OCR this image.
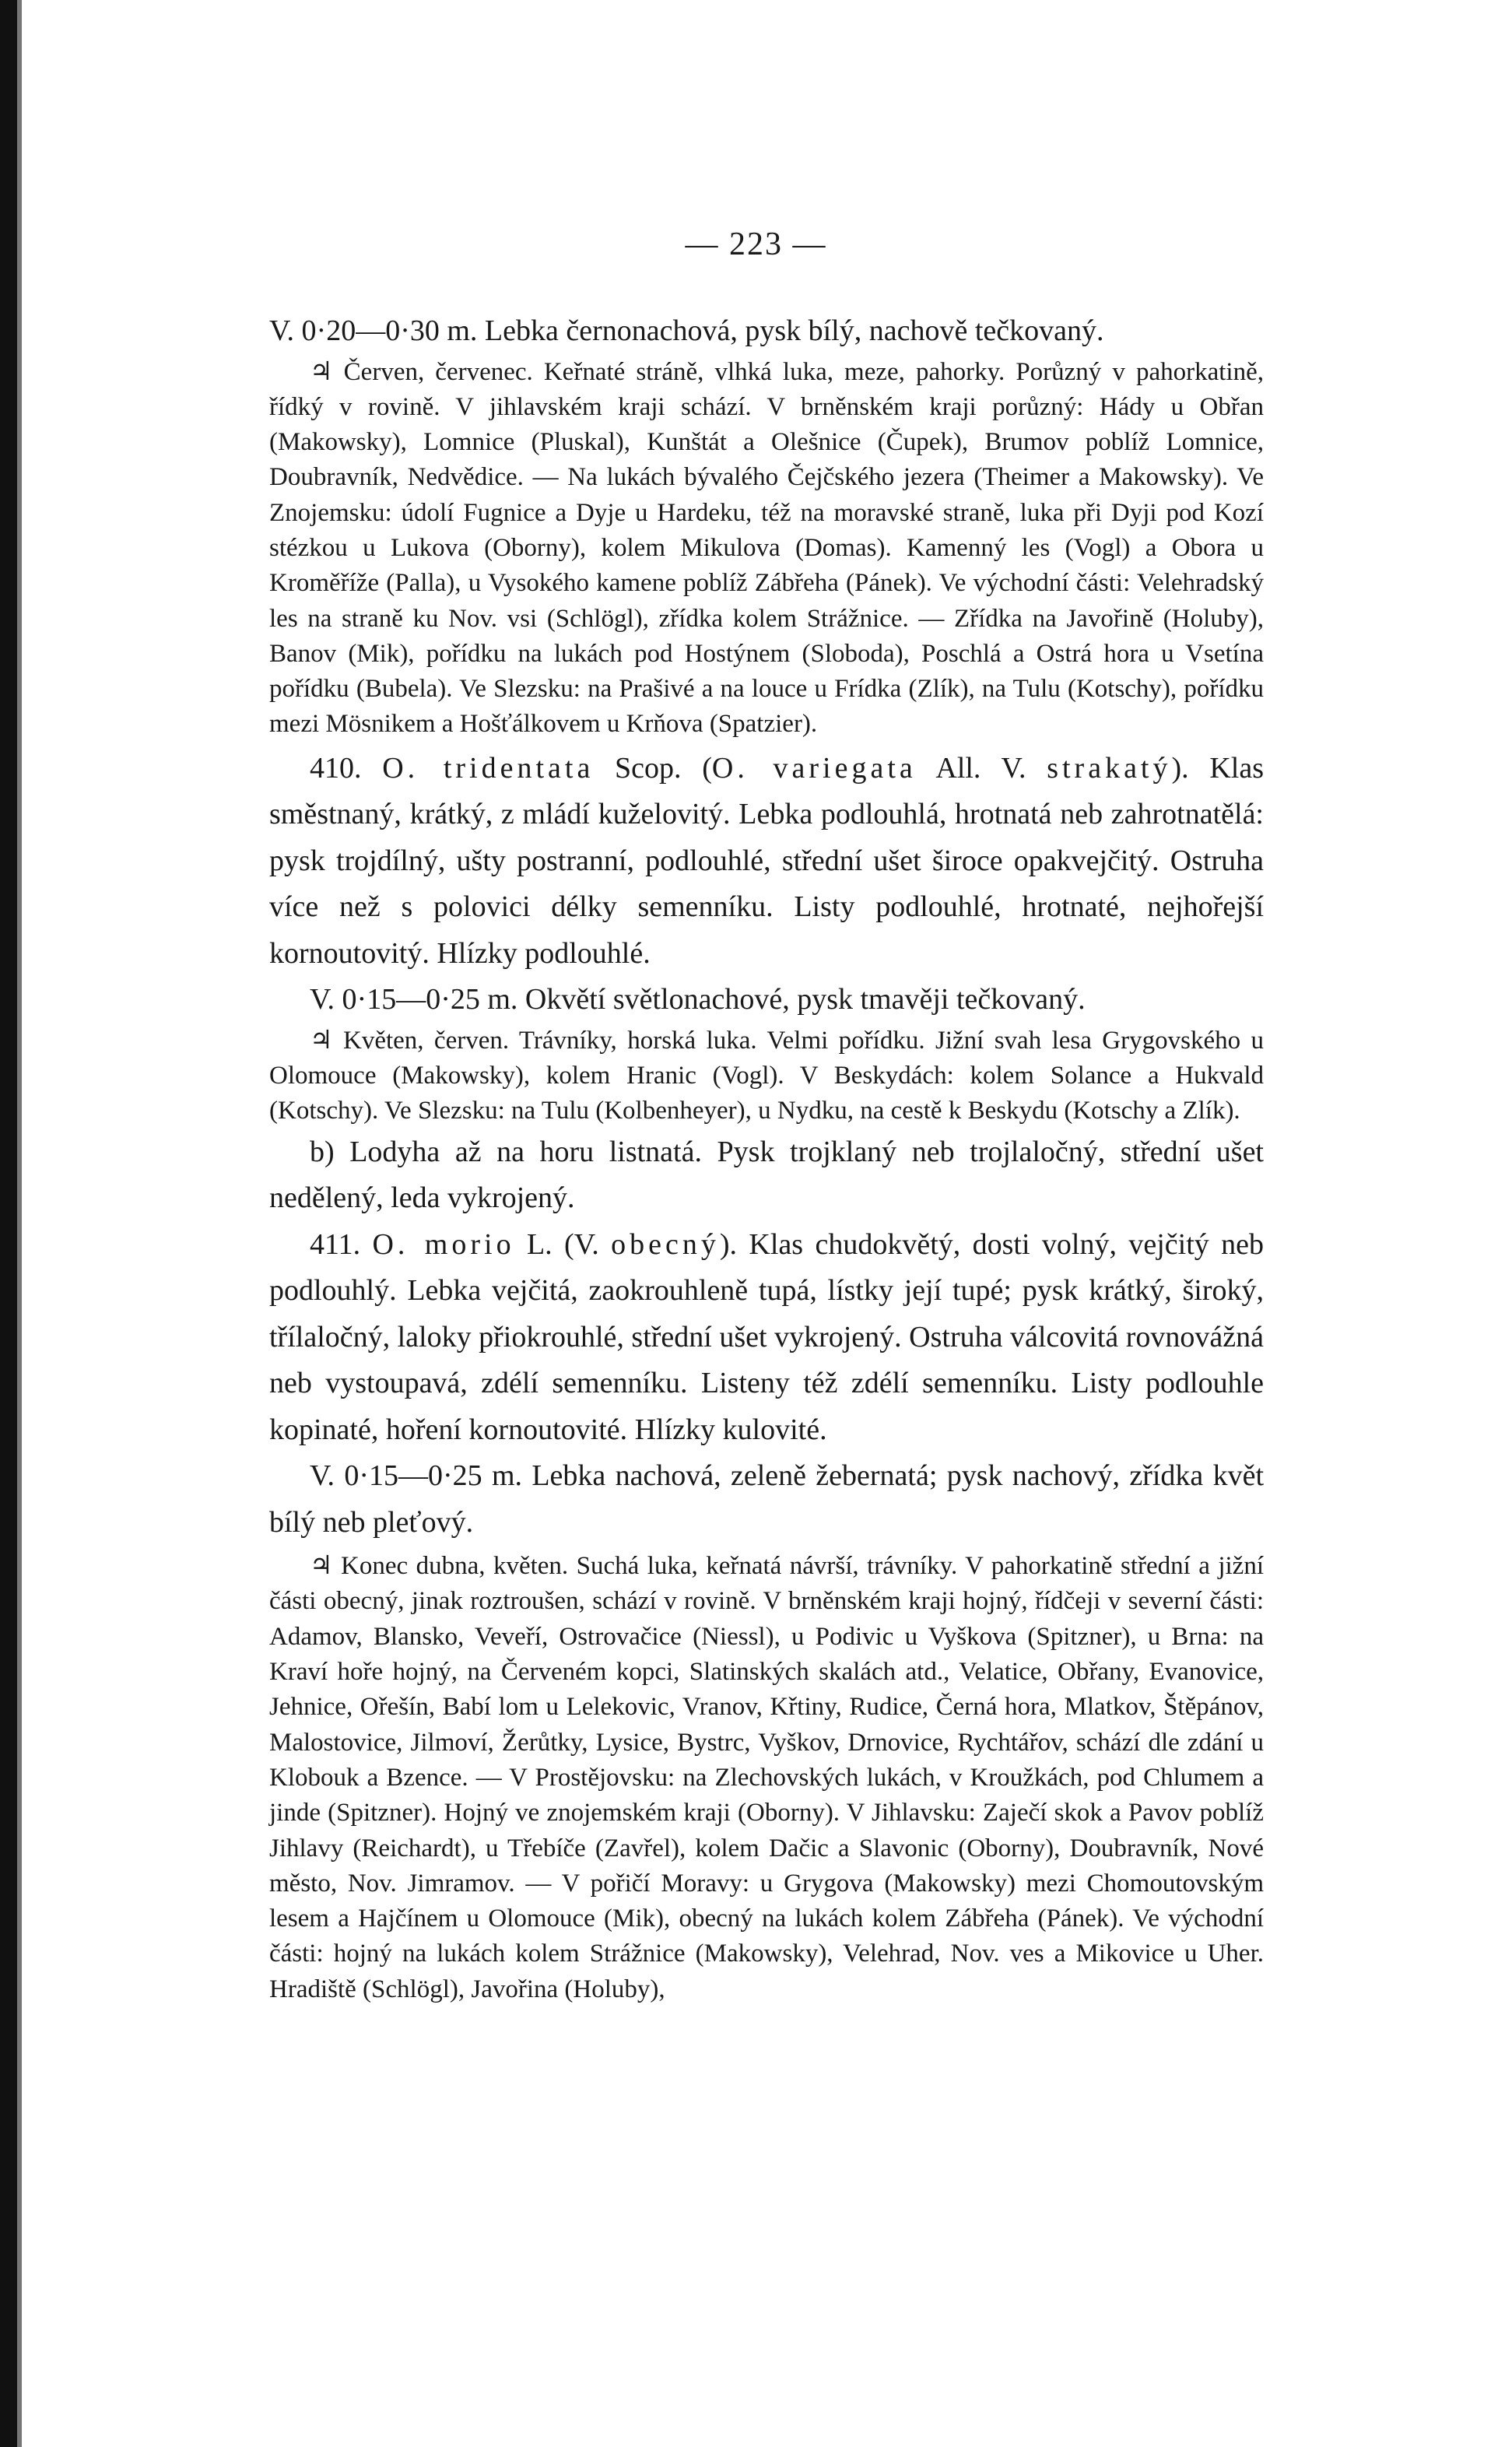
— 223 —

V. 0·20—0·30 m. Lebka černonachová, pysk bílý, nachově tečkovaný.

♃ Červen, červenec. Keřnaté stráně, vlhká luka, meze, pahorky. Porůzný v pahorkatině, řídký v rovině. V jihlavském kraji schází. V brněnském kraji porůzný: Hády u Obřan (Makowsky), Lomnice (Pluskal), Kunštát a Olešnice (Čupek), Brumov poblíž Lomnice, Doubravník, Nedvědice. — Na lukách bývalého Čejčského jezera (Theimer a Makowsky). Ve Znojemsku: údolí Fugnice a Dyje u Hardeku, též na moravské straně, luka při Dyji pod Kozí stézkou u Lukova (Oborny), kolem Mikulova (Domas). Kamenný les (Vogl) a Obora u Kroměříže (Palla), u Vysokého kamene poblíž Zábřeha (Pánek). Ve východní části: Velehradský les na straně ku Nov. vsi (Schlögl), zřídka kolem Strážnice. — Zřídka na Javořině (Holuby), Banov (Mik), pořídku na lukách pod Hostýnem (Sloboda), Poschlá a Ostrá hora u Vsetína pořídku (Bubela). Ve Slezsku: na Prašivé a na louce u Frídka (Zlík), na Tulu (Kotschy), pořídku mezi Mösnikem a Hošťálkovem u Krňova (Spatzier).

410. O. tridentata Scop. (O. variegata All. V. strakatý). Klas směstnaný, krátký, z mládí kuželovitý. Lebka podlouhlá, hrotnatá neb zahrotnatělá: pysk trojdílný, ušty postranní, podlouhlé, střední ušet široce opakvejčitý. Ostruha více než s polovici délky semenníku. Listy podlouhlé, hrotnaté, nejhořejší kornoutovitý. Hlízky podlouhlé.

V. 0·15—0·25 m. Okvětí světlonachové, pysk tmavěji tečkovaný.

♃ Květen, červen. Trávníky, horská luka. Velmi pořídku. Jižní svah lesa Grygovského u Olomouce (Makowsky), kolem Hranic (Vogl). V Beskydách: kolem Solance a Hukvald (Kotschy). Ve Slezsku: na Tulu (Kolbenheyer), u Nydku, na cestě k Beskydu (Kotschy a Zlík).

b) Lodyha až na horu listnatá. Pysk trojklaný neb trojlaločný, střední ušet nedělený, leda vykrojený.

411. O. morio L. (V. obecný). Klas chudokvětý, dosti volný, vejčitý neb podlouhlý. Lebka vejčitá, zaokrouhleně tupá, lístky její tupé; pysk krátký, široký, třílaločný, laloky přiokrouhlé, střední ušet vykrojený. Ostruha válcovitá rovnovážná neb vystoupavá, zdélí semenníku. Listeny též zdélí semenníku. Listy podlouhle kopinaté, hoření kornoutovité. Hlízky kulovité.

V. 0·15—0·25 m. Lebka nachová, zeleně žebernatá; pysk nachový, zřídka květ bílý neb pleťový.

♃ Konec dubna, květen. Suchá luka, keřnatá návrší, trávníky. V pahorkatině střední a jižní části obecný, jinak roztroušen, schází v rovině. V brněnském kraji hojný, řídčeji v severní části: Adamov, Blansko, Veveří, Ostrovačice (Niessl), u Podivic u Vyškova (Spitzner), u Brna: na Kraví hoře hojný, na Červeném kopci, Slatinských skalách atd., Velatice, Obřany, Evanovice, Jehnice, Ořešín, Babí lom u Lelekovic, Vranov, Křtiny, Rudice, Černá hora, Mlatkov, Štěpánov, Malostovice, Jilmoví, Žerůtky, Lysice, Bystrc, Vyškov, Drnovice, Rychtářov, schází dle zdání u Klobouk a Bzence. — V Prostějovsku: na Zlechovských lukách, v Kroužkách, pod Chlumem a jinde (Spitzner). Hojný ve znojemském kraji (Oborny). V Jihlavsku: Zaječí skok a Pavov poblíž Jihlavy (Reichardt), u Třebíče (Zavřel), kolem Dačic a Slavonic (Oborny), Doubravník, Nové město, Nov. Jimramov. — V pořičí Moravy: u Grygova (Makowsky) mezi Chomoutovským lesem a Hajčínem u Olomouce (Mik), obecný na lukách kolem Zábřeha (Pánek). Ve východní části: hojný na lukách kolem Strážnice (Makowsky), Velehrad, Nov. ves a Mikovice u Uher. Hradiště (Schlögl), Javořina (Holuby),
